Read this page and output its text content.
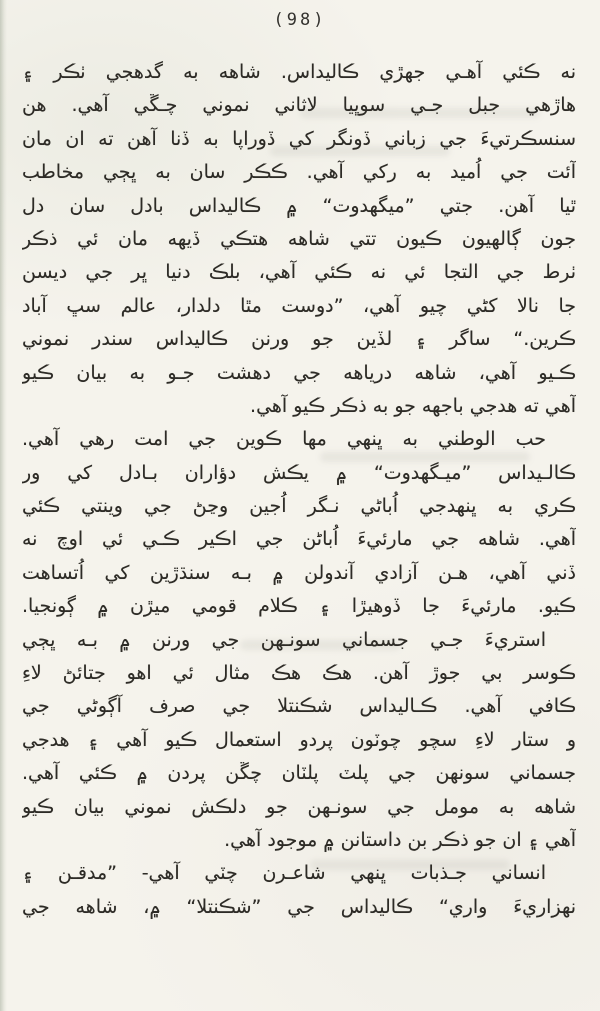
(98)
نه ڪئي آهـي جهڙي ڪاليداس. شاهه به گدهجي ٺڪر ۽
هاڙهي جبل جـي سوڀيا لاثاني نموني چـڱي آهي. هن
سنسڪرتيءَ جي زباني ڏونگر کي ڏوراپا به ڏنا آهن ته ان مان
آئت جي اُميد به رکي آهي. ڪڪر سان به ڀڄي مخاطب
ٿيا آهن. جتي ”ميگهدوت“ ۾ ڪاليداس بادل سان دل
جون ڳالهيون ڪيون تتي شاهه هتڪي ڏيهه مان ئي ذڪر
ٺرط جي التجا ئي نه ڪئي آهي، بلڪ دنيا ڀر جي ديسن
جا نالا کڻي چيو آهي، ”دوست مٿا دلدار، عالم سڀ آباد
ڪرين.“ ساگر ۽ لڏين جو ورنن ڪاليداس سندر نموني
ڪـيو آهي، شاهه درياهه جي دهشت جـو به بيان ڪيو
آهي ته هدجي باجهه جو به ذڪر ڪيو آهي.
حب الوطني به ڀنهي مها ڪوين جي امت رهي آهي.
ڪالـيداس ”ميـگهدوت“ ۾ يڪش دؤاران بـادل کي ور
ڪري به ڀنهدجي اُباڻي نـگر اُجين وڃڻ جي وينتي ڪئي
آهي. شاهه جي مارئيءَ اُباڻن جي اڪير ڪـي ئي اوچ نه
ڏني آهي، هـن آزادي آندولن ۾ بـه سنڌڙين کي اُتساهت
ڪيو. مارئيءَ جا ڏوهيڙا ۽ ڪلام قومي ميڙن ۾ ڳونجيا.
استريءَ جـي جسماني سونـهن جي ورنن ۾ بـه ڀڄي
ڪوسر بي جوڙ آهن. هڪ هڪ مثال ئي اهو جتائڻ لاءِ
ڪافي آهي. ڪـاليداس شڪنتلا جي صرف آڳوڻي جي
و ستار لاءِ سچو چوٽون پردو استعمال ڪيو آهي ۽ هدجي
جسماني سونهن جي پلٽ پلٽان چڱن پردن ۾ ڪئي آهي.
شاهه به مومل جي سونـهن جو دلڪش نموني بيان ڪيو
آهي ۽ ان جو ذڪر بن داستانن ۾ موجود آهي.
انساني جـذبات ڀنهي شاعـرن چٽي آهي- ”مدقـن ۽
نهزاريءَ واري“ ڪاليداس جي ”شڪنتلا“ ۾، شاهه جي
